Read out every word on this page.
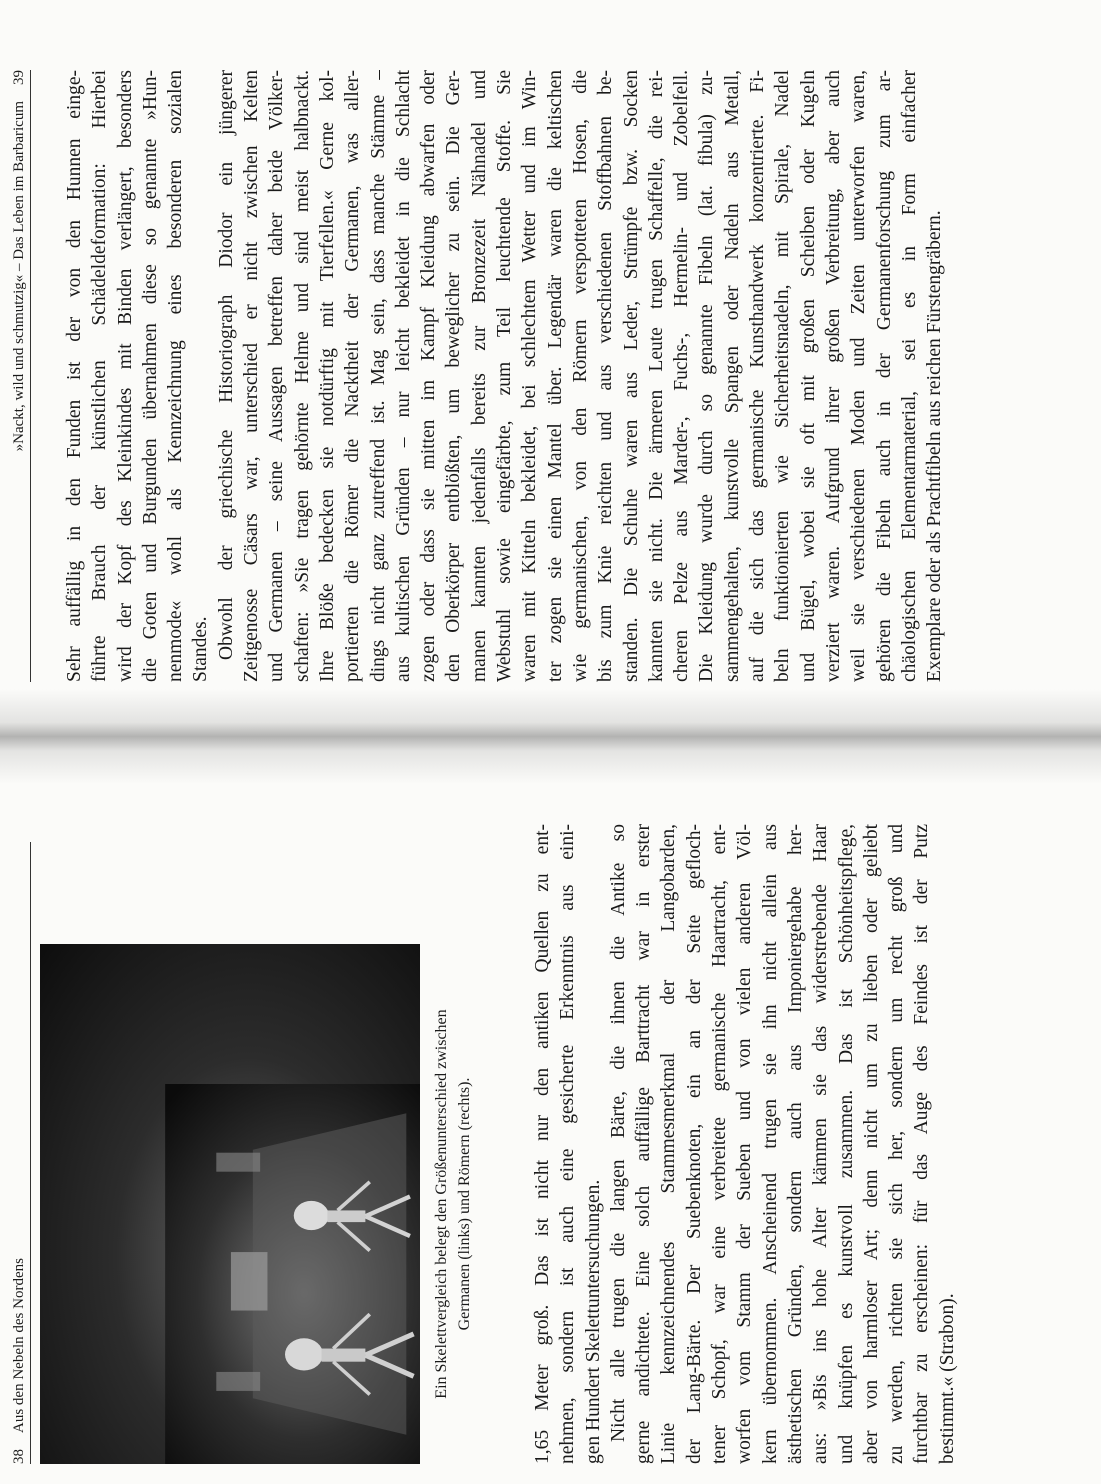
38Aus den Nebeln des Nordens	Ein Skelettvergleich belegt den Größenunterschied zwischen Germanen (links) und Römern (rechts).	1,65 Meter groß. Das ist nicht nur den antiken Quellen zu ent- nehmen, sondern ist auch eine gesicherte Erkenntnis aus eini- gen Hundert Skelettuntersuchungen. Nicht alle trugen die langen Bärte, die ihnen die Antike so gerne andichtete. Eine solch auffällige Barttracht war in erster Linie kennzeichnendes Stammesmerkmal der Langobarden, der Lang-Bärte. Der Suebenknoten, ein an der Seite gefloch- tener Schopf, war eine verbreitete germanische Haartracht, ent- worfen vom Stamm der Sueben und von vielen anderen Völ- kern übernommen. Anscheinend trugen sie ihn nicht allein aus ästhetischen Gründen, sondern auch aus Imponiergehabe her- aus: »Bis ins hohe Alter kämmen sie das widerstrebende Haar und knüpfen es kunstvoll zusammen. Das ist Schönheitspflege, aber von harmloser Art; denn nicht um zu lieben oder geliebt zu werden, richten sie sich her, sondern um recht groß und furchtbar zu erscheinen: für das Auge des Feindes ist der Putz bestimmt.« (Strabon).
»Nackt, wild und schmutzig« – Das Leben im Barbaricum39 Sehr auffällig in den Funden ist der von den Hunnen einge- führte Brauch der künstlichen Schädeldeformation: Hierbei wird der Kopf des Kleinkindes mit Binden verlängert, besonders die Goten und Burgunden übernahmen diese so genannte »Hun- nenmode« wohl als Kennzeichnung eines besonderen sozialen Standes. Obwohl der griechische Historiograph Diodor ein jüngerer Zeitgenosse Cäsars war, unterschied er nicht zwischen Kelten und Germanen – seine Aussagen betreffen daher beide Völker- schaften: »Sie tragen gehörnte Helme und sind meist halbnackt. Ihre Blöße bedecken sie notdürftig mit Tierfellen.« Gerne kol- portierten die Römer die Nacktheit der Germanen, was aller- dings nicht ganz zutreffend ist. Mag sein, dass manche Stämme – aus kultischen Gründen – nur leicht bekleidet in die Schlacht zogen oder dass sie mitten im Kampf Kleidung abwarfen oder den Oberkörper entblößten, um beweglicher zu sein. Die Ger- manen kannten jedenfalls bereits zur Bronzezeit Nähnadel und Webstuhl sowie eingefärbte, zum Teil leuchtende Stoffe. Sie waren mit Kitteln bekleidet, bei schlechtem Wetter und im Win- ter zogen sie einen Mantel über. Legendär waren die keltischen wie germanischen, von den Römern verspotteten Hosen, die bis zum Knie reichten und aus verschiedenen Stoffbahnen be- standen. Die Schuhe waren aus Leder, Strümpfe bzw. Socken kannten sie nicht. Die ärmeren Leute trugen Schaffelle, die rei- cheren Pelze aus Marder-, Fuchs-, Hermelin- und Zobelfell. Die Kleidung wurde durch so genannte Fibeln (lat. fibula) zu- sammengehalten, kunstvolle Spangen oder Nadeln aus Metall, auf die sich das germanische Kunsthandwerk konzentrierte. Fi- beln funktionierten wie Sicherheitsnadeln, mit Spirale, Nadel und Bügel, wobei sie oft mit großen Scheiben oder Kugeln verziert waren. Aufgrund ihrer großen Verbreitung, aber auch weil sie verschiedenen Moden und Zeiten unterworfen waren, gehören die Fibeln auch in der Germanenforschung zum ar- chäologischen Elementarmaterial, sei es in Form einfacher Exemplare oder als Prachtfibeln aus reichen Fürstengräbern.
